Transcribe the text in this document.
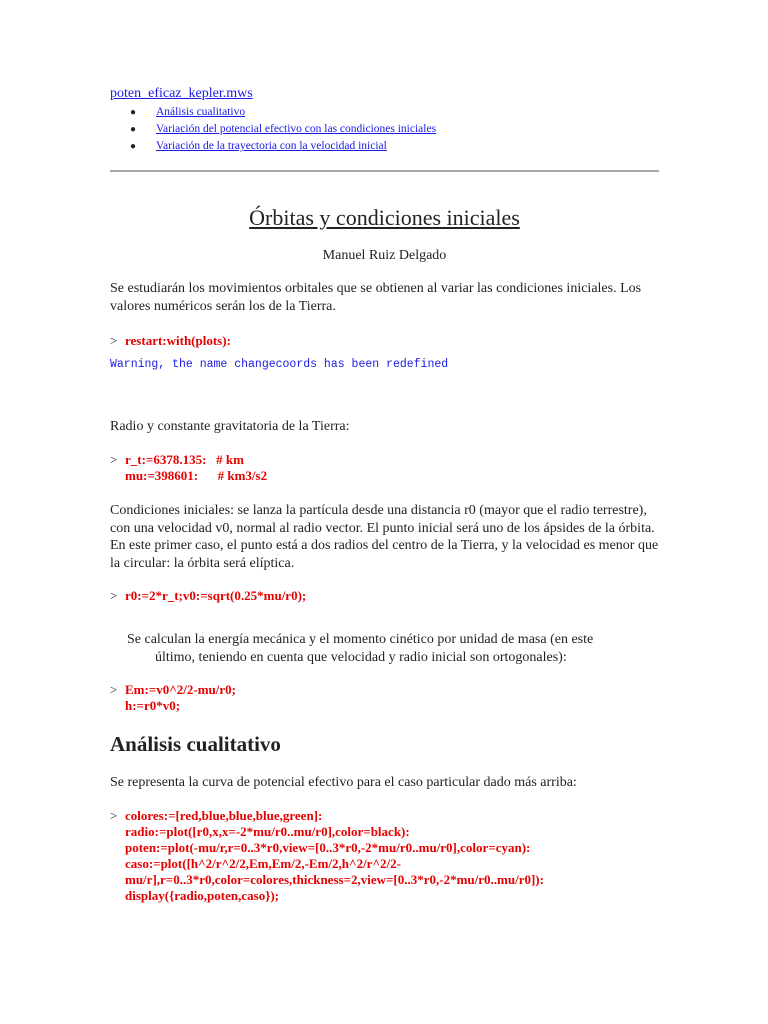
poten_eficaz_kepler.mws
● Análisis cualitativo
● Variación del potencial efectivo con las condiciones iniciales
● Variación de la trayectoria con la velocidad inicial
Órbitas y condiciones iniciales
Manuel Ruiz Delgado

Se estudiarán los movimientos orbitales que se obtienen al variar las condiciones iniciales. Los valores numéricos serán los de la Tierra.

> restart:with(plots):
Warning, the name changecoords has been redefined

Radio y constante gravitatoria de la Tierra:

> r_t:=6378.135:   # km
mu:=398601:      # km3/s2

Condiciones iniciales: se lanza la partícula desde una distancia r0 (mayor que el radio terrestre), con una velocidad v0, normal al radio vector. El punto inicial será uno de los ápsides de la órbita. En este primer caso, el punto está a dos radios del centro de la Tierra, y la velocidad es menor que la circular: la órbita será elíptica.

> r0:=2*r_t;v0:=sqrt(0.25*mu/r0);

Se calculan la energía mecánica y el momento cinético por unidad de masa (en este
último, teniendo en cuenta que velocidad y radio inicial son ortogonales):

> Em:=v0^2/2-mu/r0;
h:=r0*v0;
Análisis cualitativo

Se representa la curva de potencial efectivo para el caso particular dado más arriba:

> colores:=[red,blue,blue,blue,green]:
radio:=plot([r0,x,x=-2*mu/r0..mu/r0],color=black):
poten:=plot(-mu/r,r=0..3*r0,view=[0..3*r0,-2*mu/r0..mu/r0],color=cyan):
caso:=plot([h^2/r^2/2,Em,Em/2,-Em/2,h^2/r^2/2-
mu/r],r=0..3*r0,color=colores,thickness=2,view=[0..3*r0,-2*mu/r0..mu/r0]):
display({radio,poten,caso});
